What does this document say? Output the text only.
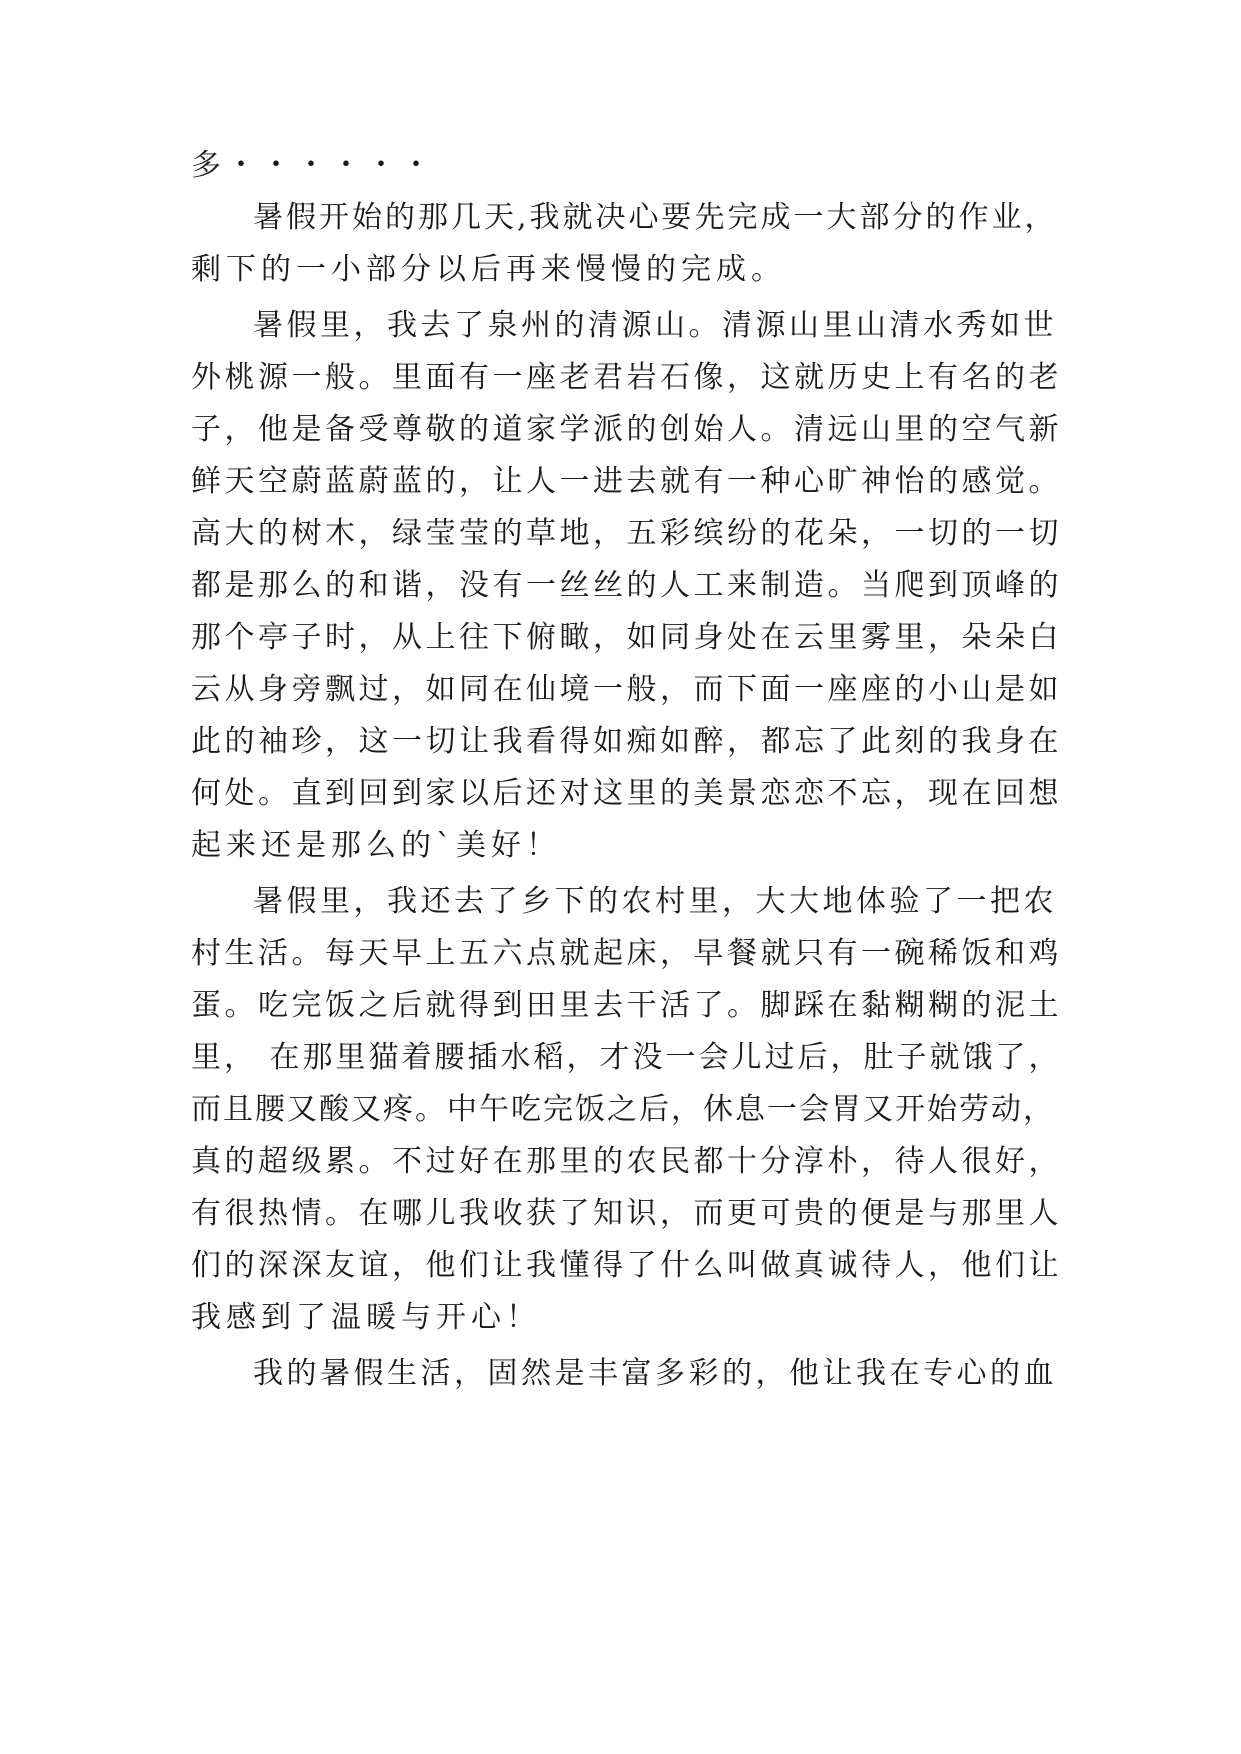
多・・・・・・
暑假开始的那几天,我就决心要先完成一大部分的作业，
剩下的一小部分以后再来慢慢的完成。
暑假里，我去了泉州的清源山。清源山里山清水秀如世
外桃源一般。里面有一座老君岩石像，这就历史上有名的老
子，他是备受尊敬的道家学派的创始人。清远山里的空气新
鲜天空蔚蓝蔚蓝的，让人一进去就有一种心旷神怡的感觉。
高大的树木，绿莹莹的草地，五彩缤纷的花朵，一切的一切
都是那么的和谐，没有一丝丝的人工来制造。当爬到顶峰的
那个亭子时，从上往下俯瞰，如同身处在云里雾里，朵朵白
云从身旁飘过，如同在仙境一般，而下面一座座的小山是如
此的袖珍，这一切让我看得如痴如醉，都忘了此刻的我身在
何处。直到回到家以后还对这里的美景恋恋不忘，现在回想
起来还是那么的`美好！
暑假里，我还去了乡下的农村里，大大地体验了一把农
村生活。每天早上五六点就起床，早餐就只有一碗稀饭和鸡
蛋。吃完饭之后就得到田里去干活了。脚踩在黏糊糊的泥土
里， 在那里猫着腰插水稻，才没一会儿过后，肚子就饿了，
而且腰又酸又疼。中午吃完饭之后，休息一会胃又开始劳动，
真的超级累。不过好在那里的农民都十分淳朴，待人很好，
有很热情。在哪儿我收获了知识，而更可贵的便是与那里人
们的深深友谊，他们让我懂得了什么叫做真诚待人，他们让
我感到了温暖与开心！
我的暑假生活，固然是丰富多彩的，他让我在专心的血
